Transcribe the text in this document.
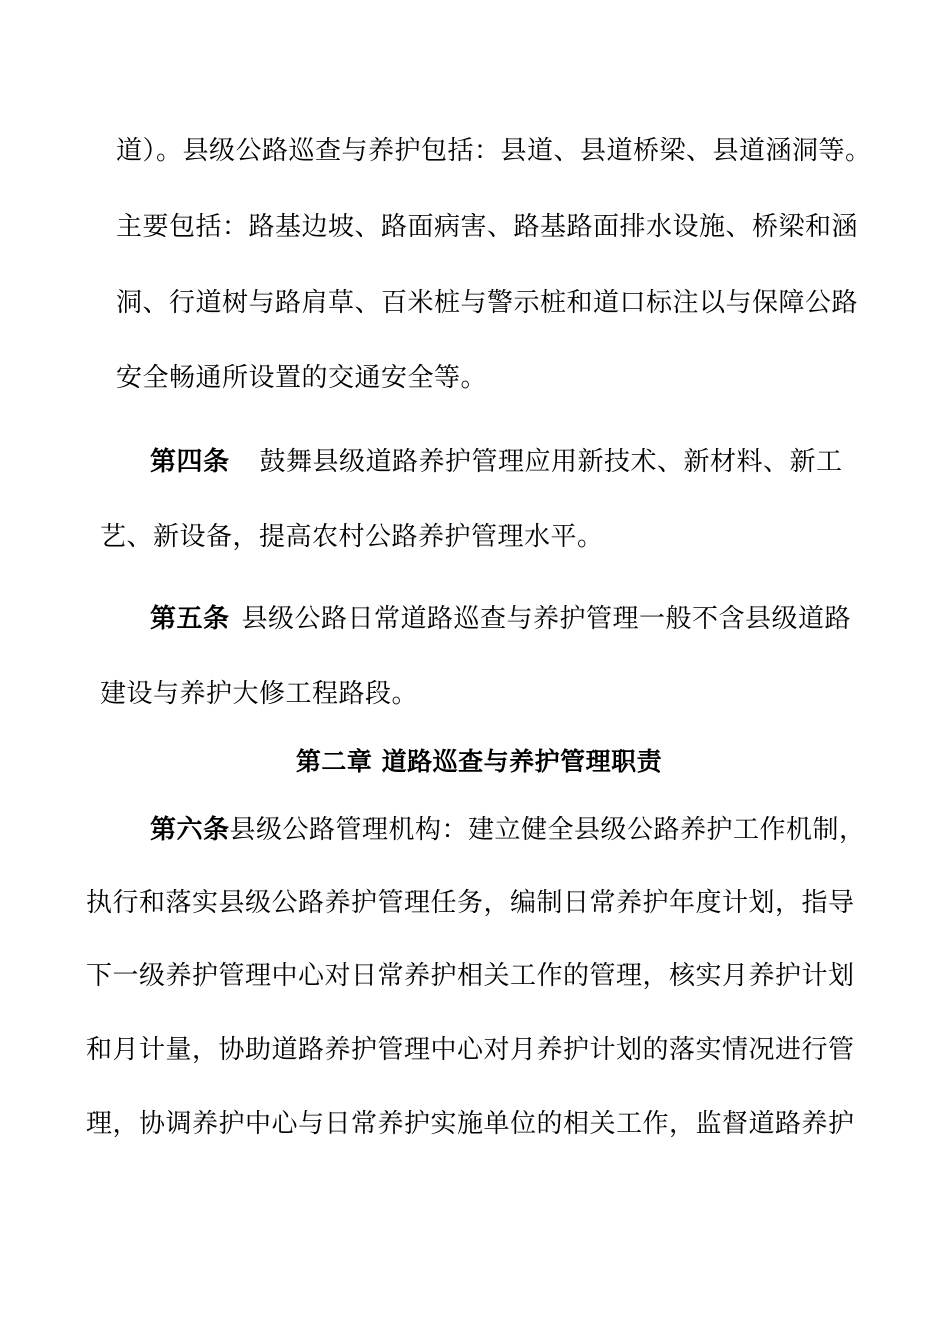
道）。县级公路巡查与养护包括：县道、县道桥梁、县道涵洞等。
主要包括：路基边坡、路面病害、路基路面排水设施、桥梁和涵
洞、行道树与路肩草、百米桩与警示桩和道口标注以与保障公路
安全畅通所设置的交通安全等。
第四条 鼓舞县级道路养护管理应用新技术、新材料、新工
艺、新设备，提高农村公路养护管理水平。
第五条 县级公路日常道路巡查与养护管理一般不含县级道路
建设与养护大修工程路段。
第二章 道路巡查与养护管理职责
第六条县级公路管理机构：建立健全县级公路养护工作机制，
执行和落实县级公路养护管理任务，编制日常养护年度计划，指导
下一级养护管理中心对日常养护相关工作的管理，核实月养护计划
和月计量，协助道路养护管理中心对月养护计划的落实情况进行管
理，协调养护中心与日常养护实施单位的相关工作，监督道路养护
